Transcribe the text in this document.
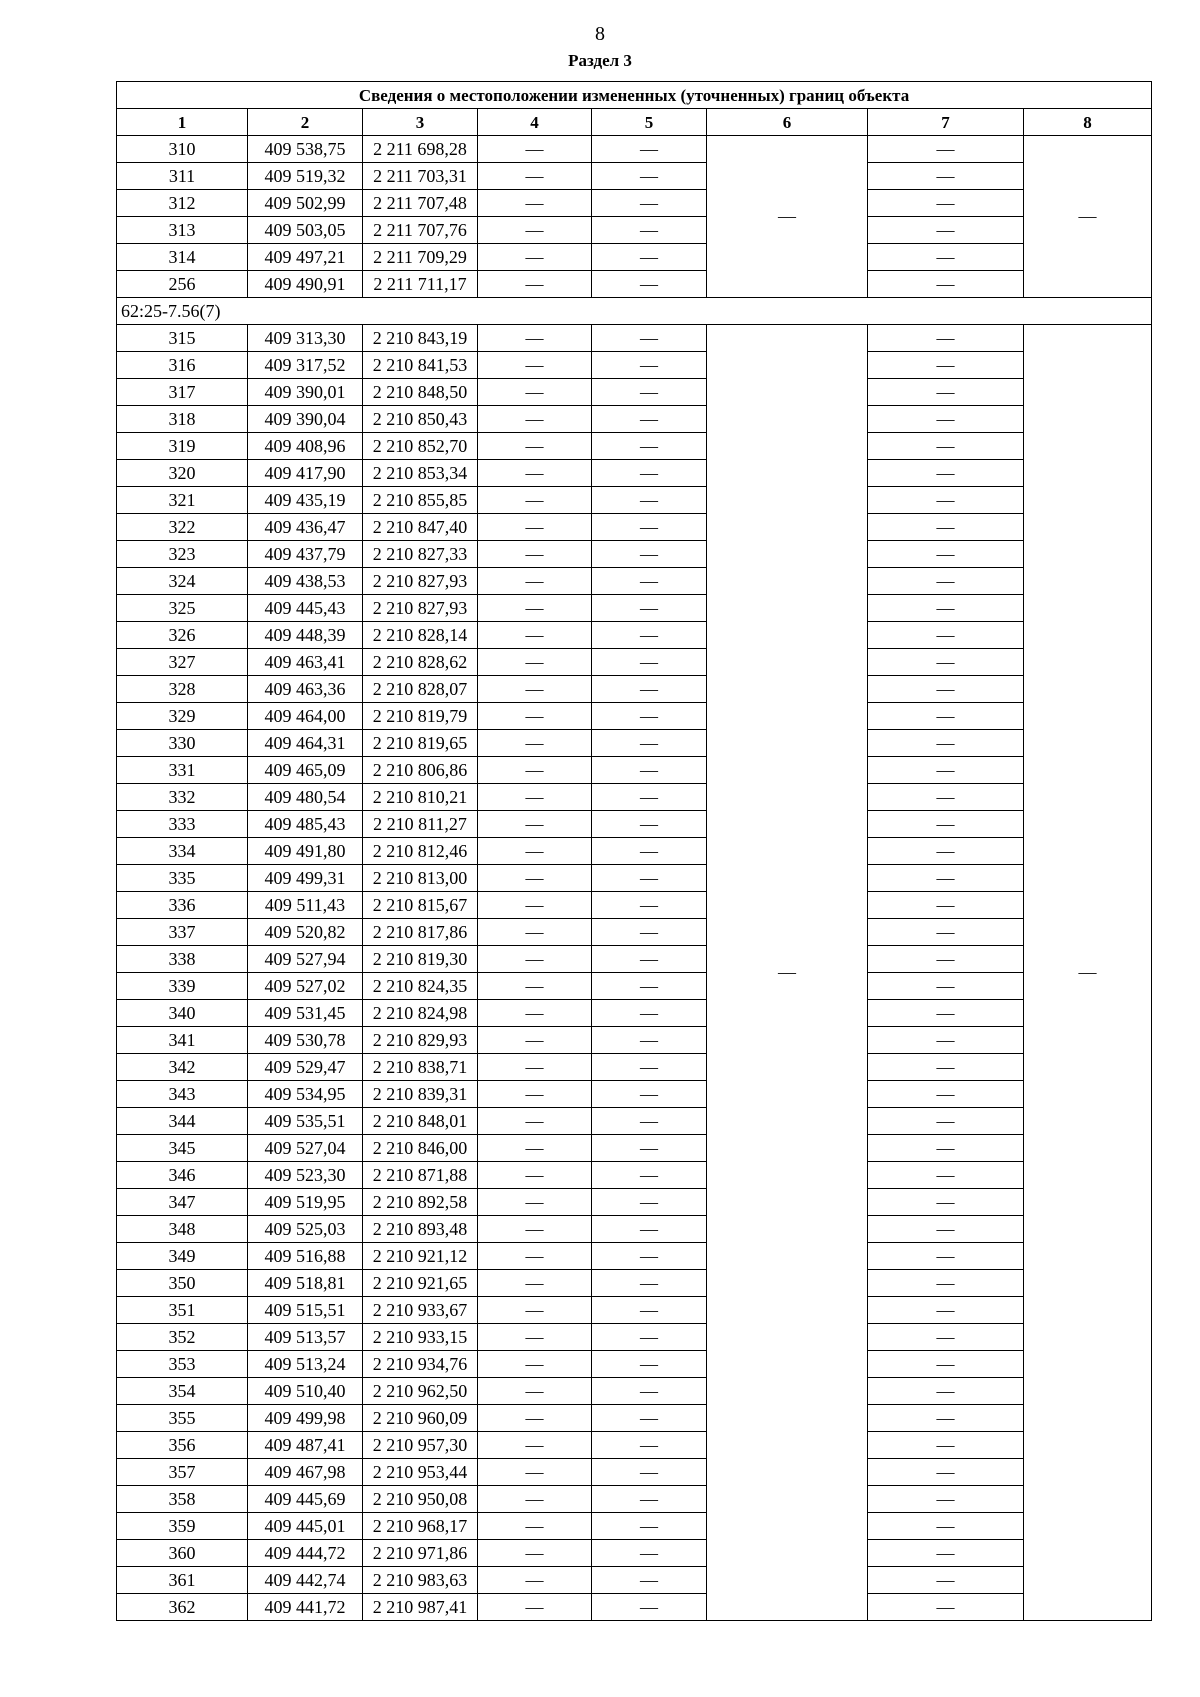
8
Раздел 3
Сведения о местоположении измененных (уточненных) границ объекта							
1	2	3	4	5	6	7	8
310	409 538,75	2 211 698,28	—	—	—	—	—
311	409 519,32	2 211 703,31	—	—		—	
312	409 502,99	2 211 707,48	—	—		—	
313	409 503,05	2 211 707,76	—	—		—	
314	409 497,21	2 211 709,29	—	—		—	
256	409 490,91	2 211 711,17	—	—		—	
62:25-7.56(7)							
315	409 313,30	2 210 843,19	—	—	—	—	—
316	409 317,52	2 210 841,53	—	—		—	
317	409 390,01	2 210 848,50	—	—		—	
318	409 390,04	2 210 850,43	—	—		—	
319	409 408,96	2 210 852,70	—	—		—	
320	409 417,90	2 210 853,34	—	—		—	
321	409 435,19	2 210 855,85	—	—		—	
322	409 436,47	2 210 847,40	—	—		—	
323	409 437,79	2 210 827,33	—	—		—	
324	409 438,53	2 210 827,93	—	—		—	
325	409 445,43	2 210 827,93	—	—		—	
326	409 448,39	2 210 828,14	—	—		—	
327	409 463,41	2 210 828,62	—	—		—	
328	409 463,36	2 210 828,07	—	—		—	
329	409 464,00	2 210 819,79	—	—		—	
330	409 464,31	2 210 819,65	—	—		—	
331	409 465,09	2 210 806,86	—	—		—	
332	409 480,54	2 210 810,21	—	—		—	
333	409 485,43	2 210 811,27	—	—		—	
334	409 491,80	2 210 812,46	—	—		—	
335	409 499,31	2 210 813,00	—	—		—	
336	409 511,43	2 210 815,67	—	—		—	
337	409 520,82	2 210 817,86	—	—		—	
338	409 527,94	2 210 819,30	—	—		—	
339	409 527,02	2 210 824,35	—	—		—	
340	409 531,45	2 210 824,98	—	—		—	
341	409 530,78	2 210 829,93	—	—		—	
342	409 529,47	2 210 838,71	—	—		—	
343	409 534,95	2 210 839,31	—	—		—	
344	409 535,51	2 210 848,01	—	—		—	
345	409 527,04	2 210 846,00	—	—		—	
346	409 523,30	2 210 871,88	—	—		—	
347	409 519,95	2 210 892,58	—	—		—	
348	409 525,03	2 210 893,48	—	—		—	
349	409 516,88	2 210 921,12	—	—		—	
350	409 518,81	2 210 921,65	—	—		—	
351	409 515,51	2 210 933,67	—	—		—	
352	409 513,57	2 210 933,15	—	—		—	
353	409 513,24	2 210 934,76	—	—		—	
354	409 510,40	2 210 962,50	—	—		—	
355	409 499,98	2 210 960,09	—	—		—	
356	409 487,41	2 210 957,30	—	—		—	
357	409 467,98	2 210 953,44	—	—		—	
358	409 445,69	2 210 950,08	—	—		—	
359	409 445,01	2 210 968,17	—	—		—	
360	409 444,72	2 210 971,86	—	—		—	
361	409 442,74	2 210 983,63	—	—		—	
362	409 441,72	2 210 987,41	—	—		—	
